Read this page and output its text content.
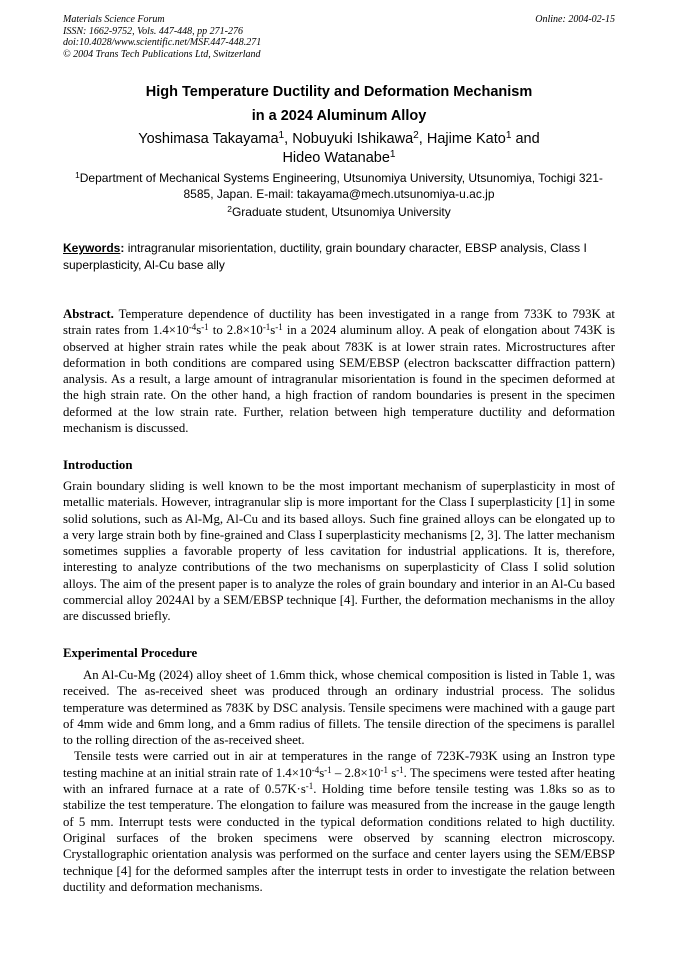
Materials Science Forum
ISSN: 1662-9752, Vols. 447-448, pp 271-276
doi:10.4028/www.scientific.net/MSF.447-448.271
© 2004 Trans Tech Publications Ltd, Switzerland
Online: 2004-02-15
High Temperature Ductility and Deformation Mechanism
in a 2024 Aluminum Alloy
Yoshimasa Takayama$^1$, Nobuyuki Ishikawa$^2$, Hajime Kato$^1$ and
Hideo Watanabe$^1$
$^1$Department of Mechanical Systems Engineering, Utsunomiya University, Utsunomiya, Tochigi 321-8585, Japan. E-mail: takayama@mech.utsunomiya-u.ac.jp
$^2$Graduate student, Utsunomiya University
Keywords: intragranular misorientation, ductility, grain boundary character, EBSP analysis, Class I superplasticity, Al-Cu base ally
Abstract. Temperature dependence of ductility has been investigated in a range from 733K to 793K at strain rates from $1.4\times 10^{-4}s^{-1}$ to $2.8\times 10^{-1}s^{-1}$ in a 2024 aluminum alloy. A peak of elongation about 743K is observed at higher strain rates while the peak about 783K is at lower strain rates. Microstructures after deformation in both conditions are compared using SEM/EBSP (electron backscatter diffraction pattern) analysis. As a result, a large amount of intragranular misorientation is found in the specimen deformed at the high strain rate. On the other hand, a high fraction of random boundaries is present in the specimen deformed at the low strain rate. Further, relation between high temperature ductility and deformation mechanism is discussed.
Introduction
Grain boundary sliding is well known to be the most important mechanism of superplasticity in most of metallic materials. However, intragranular slip is more important for the Class I superplasticity [1] in some solid solutions, such as Al-Mg, Al-Cu and its based alloys. Such fine grained alloys can be elongated up to a very large strain both by fine-grained and Class I superplasticity mechanisms [2, 3]. The latter mechanism sometimes supplies a favorable property of less cavitation for industrial applications. It is, therefore, interesting to analyze contributions of the two mechanisms on superplasticity of Class I solid solution alloys. The aim of the present paper is to analyze the roles of grain boundary and interior in an Al-Cu based commercial alloy 2024Al by a SEM/EBSP technique [4]. Further, the deformation mechanisms in the alloy are discussed briefly.
Experimental Procedure

An Al-Cu-Mg (2024) alloy sheet of 1.6mm thick, whose chemical composition is listed in Table 1, was received. The as-received sheet was produced through an ordinary industrial process. The solidus temperature was determined as 783K by DSC analysis. Tensile specimens were machined with a gauge part of 4mm wide and 6mm long, and a 6mm radius of fillets. The tensile direction of the specimens is parallel to the rolling direction of the as-received sheet.

Tensile tests were carried out in air at temperatures in the range of 723K-793K using an Instron type testing machine at an initial strain rate of $1.4\times 10^{-4}s^{-1} - 2.8\times 10^{-1}$ $s^{-1}$. The specimens were tested after heating with an infrared furnace at a rate of $0.57K\cdot s^{-1}$. Holding time before tensile testing was 1.8ks so as to stabilize the test temperature. The elongation to failure was measured from the increase in the gauge length of 5 mm. Interrupt tests were conducted in the typical deformation conditions related to high ductility. Original surfaces of the broken specimens were observed by scanning electron microscopy. Crystallographic orientation analysis was performed on the surface and center layers using the SEM/EBSP technique [4] for the deformed samples after the interrupt tests in order to investigate the relation between ductility and deformation mechanisms.
